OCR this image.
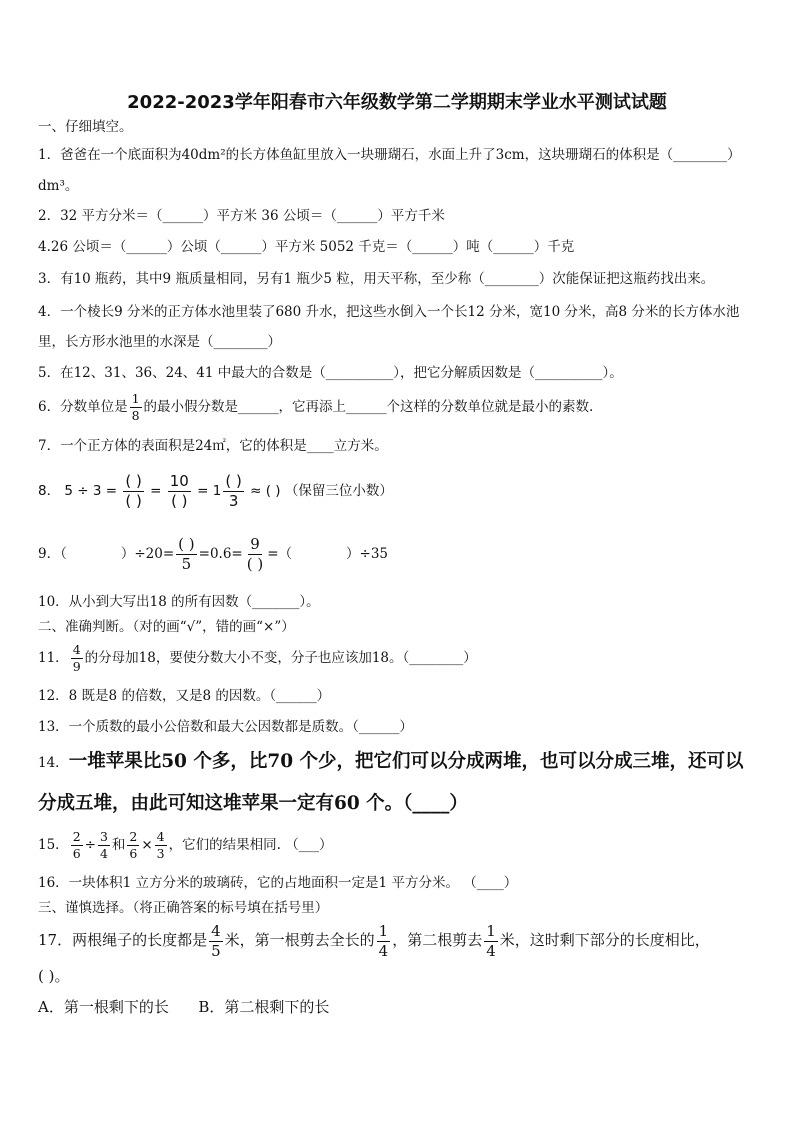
2022-2023学年阳春市六年级数学第二学期期末学业水平测试试题
一、仔细填空。
1．爸爸在一个底面积为40dm²的长方体鱼缸里放入一块珊瑚石，水面上升了3cm，这块珊瑚石的体积是（________）
dm³。
2．32 平方分米＝（______）平方米 36 公顷＝（______）平方千米
4.26 公顷＝（______）公顷（______）平方米 5052 千克＝（______）吨（______）千克
3．有10 瓶药，其中9 瓶质量相同，另有1 瓶少5 粒，用天平称，至少称（________）次能保证把这瓶药找出来。
4．一个棱长9 分米的正方体水池里装了680 升水，把这些水倒入一个长12 分米，宽10 分米，高8 分米的长方体水池
里，长方形水池里的水深是（________）
5．在12、31、36、24、41 中最大的合数是（__________），把它分解质因数是（__________）。
6．分数单位是 $\frac{1}{8}$ 的最小假分数是______，它再添上______个这样的分数单位就是最小的素数.
7．一个正方体的表面积是24㎡，它的体积是____立方米。
8． 5 ÷ 3 =
( )
( )
=
10
( )
= 1
( )
3
≈ ( ) （保留三位小数）
9．（	）÷20=
( )
5
=0.6=
9
( )
=（	）÷35
10．从小到大写出18 的所有因数（_______）。
二、准确判断。（对的画“√”，错的画“×”）
11． $\frac{4}{9}$ 的分母加18，要使分数大小不变，分子也应该加18。（________）
12．8 既是8 的倍数，又是8 的因数。（______）
13．一个质数的最小公倍数和最大公因数都是质数。（______）
14．一堆苹果比50 个多，比70 个少，把它们可以分成两堆，也可以分成三堆，还可以
分成五堆，由此可知这堆苹果一定有60 个。（____）
15． $\frac{2}{6} \div \frac{3}{4}$ 和 $\frac{2}{6} \times \frac{4}{3}$ ，它们的结果相同. （___）
16．一块体积1 立方分米的玻璃砖，它的占地面积一定是1 平方分米。 （____）
三、谨慎选择。（将正确答案的标号填在括号里）
17．两根绳子的长度都是 $\frac{4}{5}$ 米，第一根剪去全长的 $\frac{1}{4}$ ，第二根剪去 $\frac{1}{4}$ 米，这时剩下部分的长度相比，
( )。
A．第一根剩下的长 B．第二根剩下的长
